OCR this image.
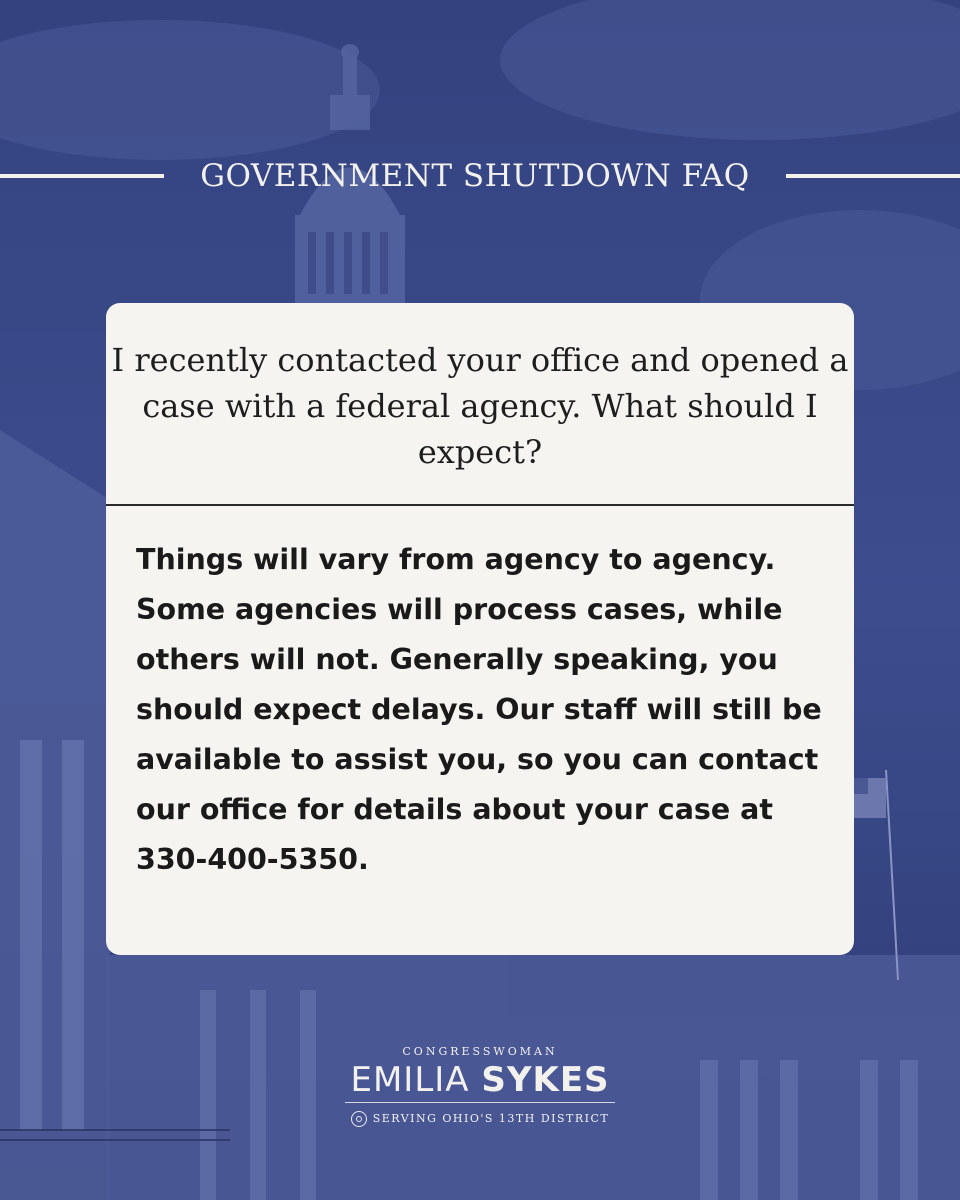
GOVERNMENT SHUTDOWN FAQ
I recently contacted your office and opened a case with a federal agency. What should I expect?
Things will vary from agency to agency. Some agencies will process cases, while others will not. Generally speaking, you should expect delays. Our staff will still be available to assist you, so you can contact our office for details about your case at 330-400-5350.
CONGRESSWOMAN
EMILIA SYKES
SERVING OHIO'S 13TH DISTRICT
